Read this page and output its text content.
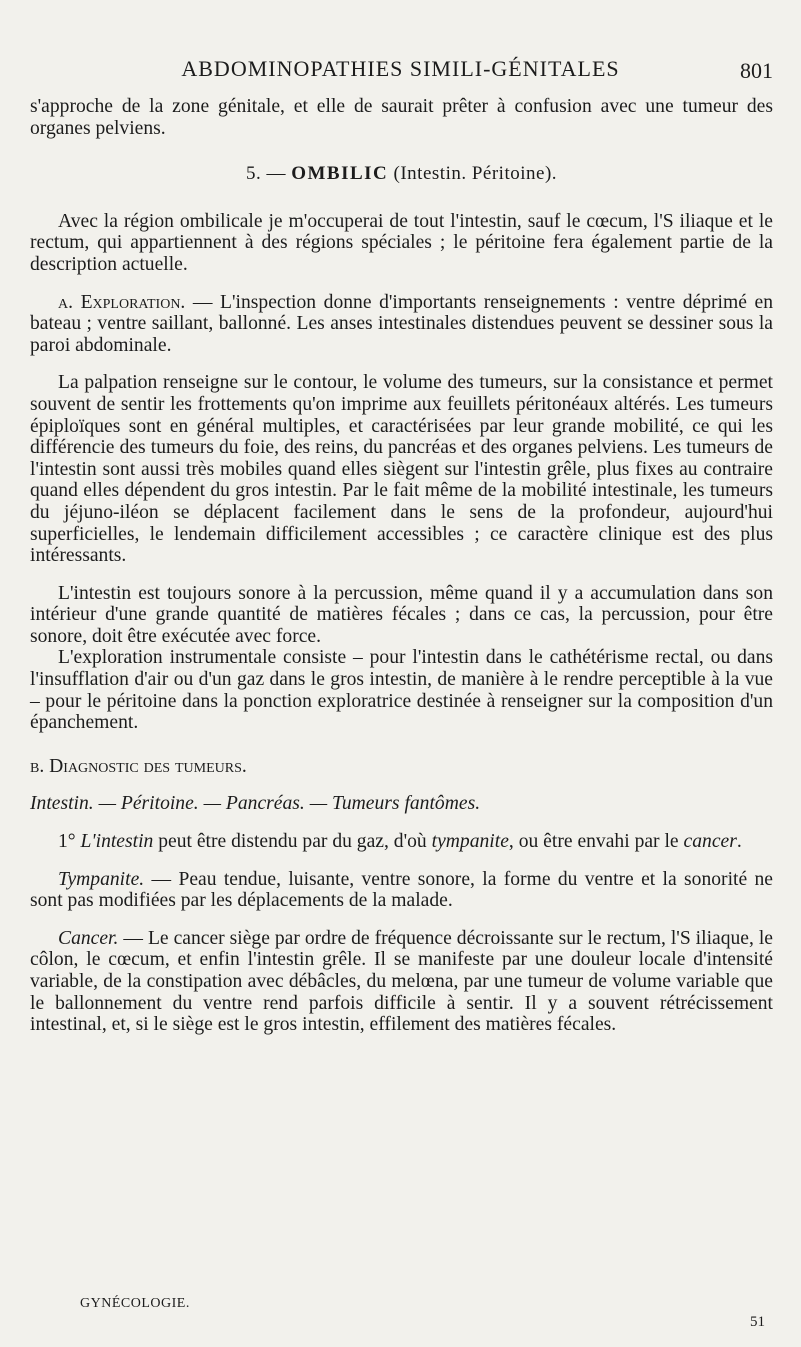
ABDOMINOPATHIES SIMILI-GÉNITALES	801

s'approche de la zone génitale, et elle de saurait prêter à confusion avec une tumeur des organes pelviens.

5. — OMBILIC (Intestin. Péritoine).

Avec la région ombilicale je m'occuperai de tout l'intestin, sauf le cœcum, l'S iliaque et le rectum, qui appartiennent à des régions spéciales ; le péritoine fera également partie de la description actuelle.

a. Exploration. — L'inspection donne d'importants renseignements : ventre déprimé en bateau ; ventre saillant, ballonné. Les anses intestinales distendues peuvent se dessiner sous la paroi abdominale.

La palpation renseigne sur le contour, le volume des tumeurs, sur la consistance et permet souvent de sentir les frottements qu'on imprime aux feuillets péritonéaux altérés. Les tumeurs épiploïques sont en général multiples, et caractérisées par leur grande mobilité, ce qui les différencie des tumeurs du foie, des reins, du pancréas et des organes pelviens. Les tumeurs de l'intestin sont aussi très mobiles quand elles siègent sur l'intestin grêle, plus fixes au contraire quand elles dépendent du gros intestin. Par le fait même de la mobilité intestinale, les tumeurs du jéjuno-iléon se déplacent facilement dans le sens de la profondeur, aujourd'hui superficielles, le lendemain difficilement accessibles ; ce caractère clinique est des plus intéressants.

L'intestin est toujours sonore à la percussion, même quand il y a accumulation dans son intérieur d'une grande quantité de matières fécales ; dans ce cas, la percussion, pour être sonore, doit être exécutée avec force.

L'exploration instrumentale consiste – pour l'intestin dans le cathétérisme rectal, ou dans l'insufflation d'air ou d'un gaz dans le gros intestin, de manière à le rendre perceptible à la vue – pour le péritoine dans la ponction exploratrice destinée à renseigner sur la composition d'un épanchement.

b. Diagnostic des tumeurs.

Intestin. — Péritoine. — Pancréas. — Tumeurs fantômes.

1° L'intestin peut être distendu par du gaz, d'où tympanite, ou être envahi par le cancer.

Tympanite. — Peau tendue, luisante, ventre sonore, la forme du ventre et la sonorité ne sont pas modifiées par les déplacements de la malade.

Cancer. — Le cancer siège par ordre de fréquence décroissante sur le rectum, l'S iliaque, le côlon, le cœcum, et enfin l'intestin grêle. Il se manifeste par une douleur locale d'intensité variable, de la constipation avec débâcles, du melœna, par une tumeur de volume variable que le ballonnement du ventre rend parfois difficile à sentir. Il y a souvent rétrécissement intestinal, et, si le siège est le gros intestin, effilement des matières fécales.

GYNÉCOLOGIE.
51
